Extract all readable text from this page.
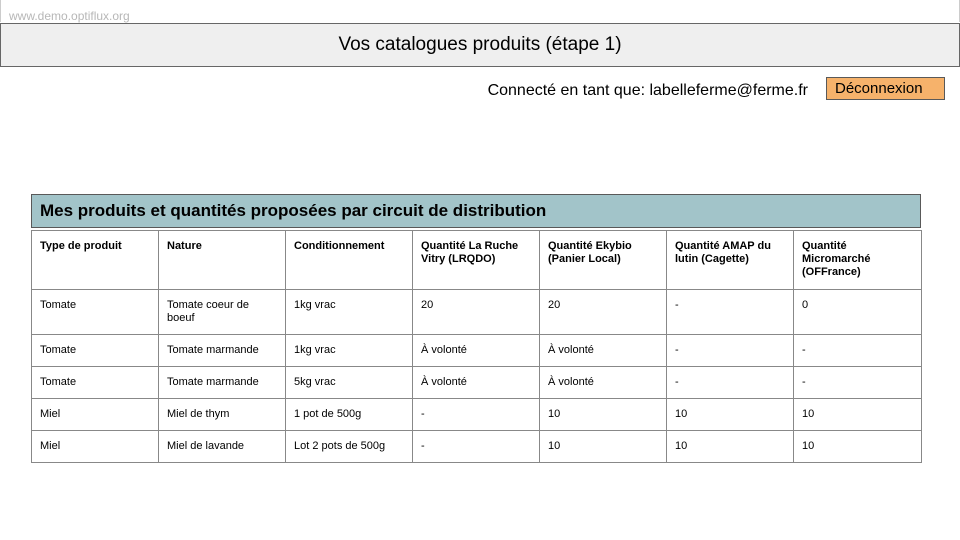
www.demo.optiflux.org
Vos catalogues produits (étape 1)
Connecté en tant que: labelleferme@ferme.fr	Déconnexion
Mes produits et quantités proposées par circuit de distribution
Type de produit	Nature	Conditionnement	Quantité La Ruche Vitry (LRQDO)	Quantité Ekybio (Panier Local)	Quantité AMAP du lutin (Cagette)	Quantité Micromarché (OFFrance)
Tomate	Tomate coeur de boeuf	1kg vrac	20	20	-	0
Tomate	Tomate marmande	1kg vrac	À volonté	À volonté	-	-
Tomate	Tomate marmande	5kg vrac	À volonté	À volonté	-	-
Miel	Miel de thym	1 pot de 500g	-	10	10	10
Miel	Miel de lavande	Lot 2 pots de 500g	-	10	10	10
